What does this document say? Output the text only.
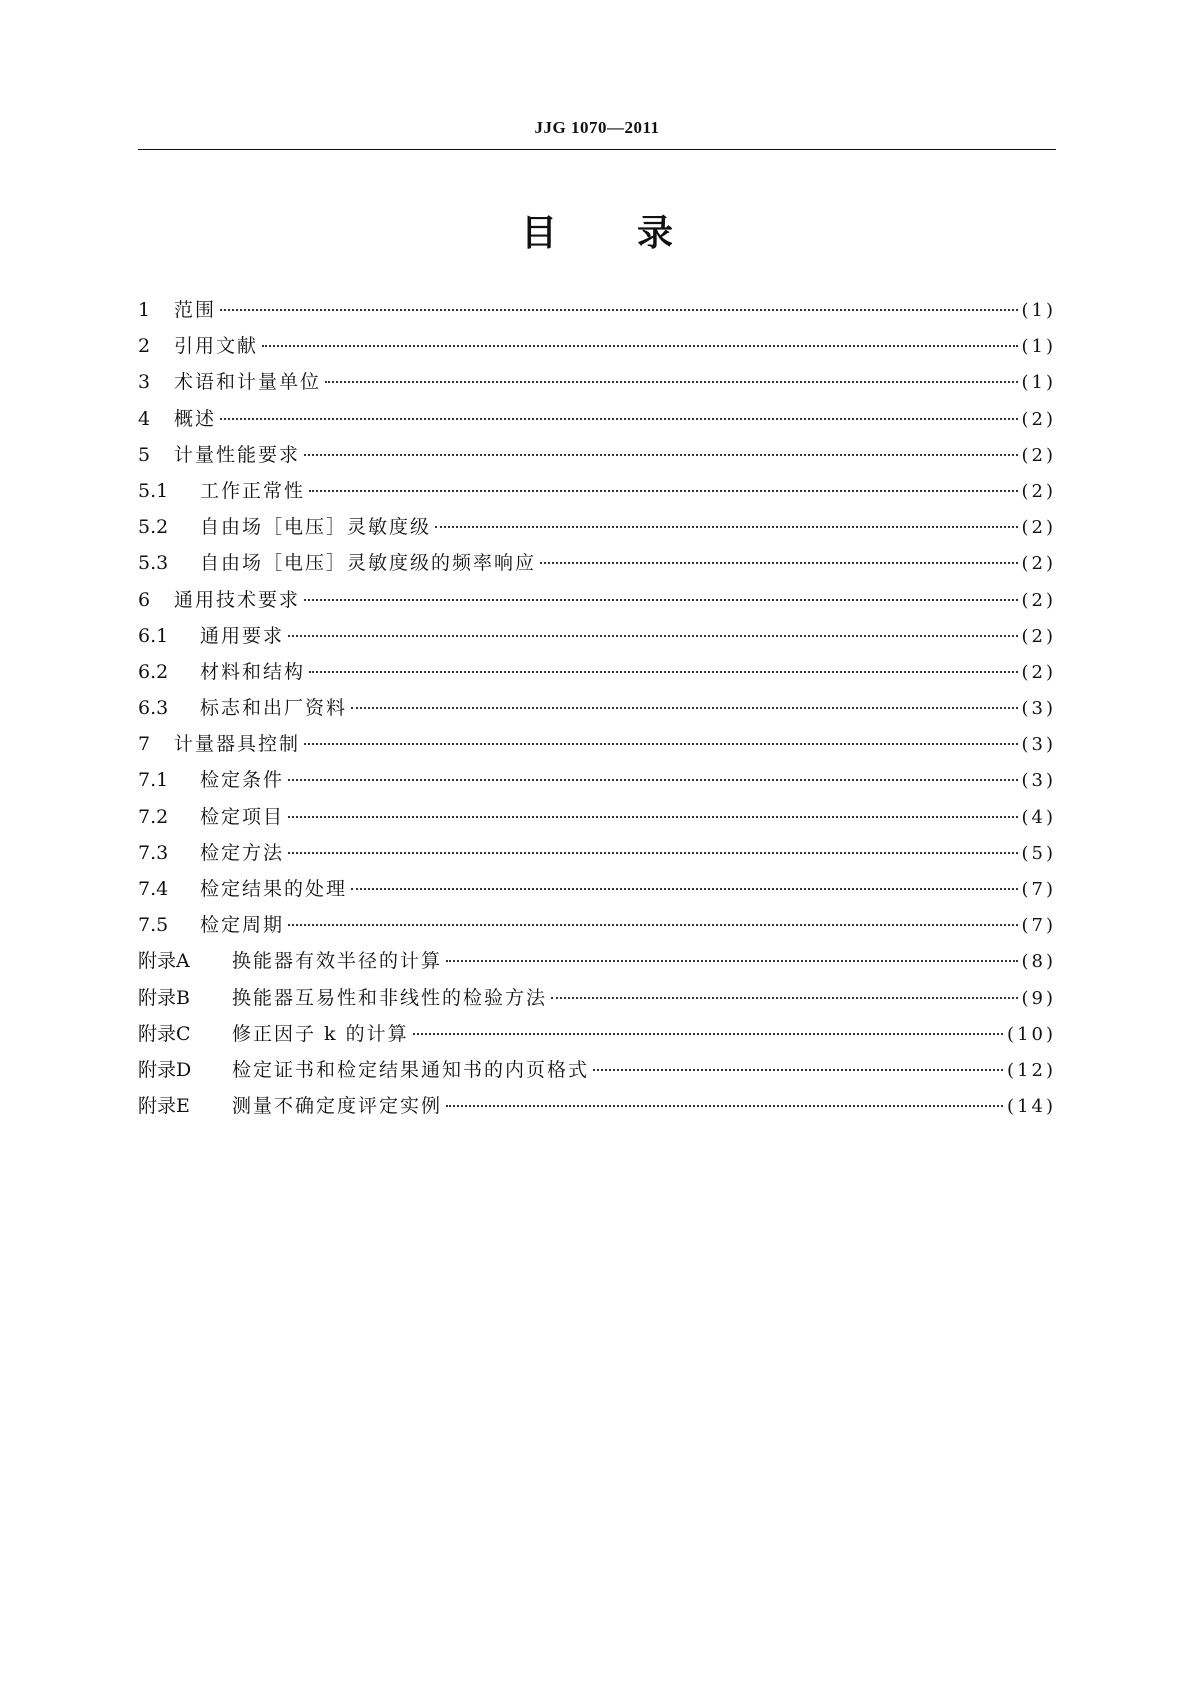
JJG 1070—2011
目 录
1	范围	(1)
2	引用文献	(1)
3	术语和计量单位	(1)
4	概述	(2)
5	计量性能要求	(2)
5.1	工作正常性	(2)
5.2	自由场［电压］灵敏度级	(2)
5.3	自由场［电压］灵敏度级的频率响应	(2)
6	通用技术要求	(2)
6.1	通用要求	(2)
6.2	材料和结构	(2)
6.3	标志和出厂资料	(3)
7	计量器具控制	(3)
7.1	检定条件	(3)
7.2	检定项目	(4)
7.3	检定方法	(5)
7.4	检定结果的处理	(7)
7.5	检定周期	(7)
附录A	换能器有效半径的计算	(8)
附录B	换能器互易性和非线性的检验方法	(9)
附录C	修正因子 k 的计算	(10)
附录D	检定证书和检定结果通知书的内页格式	(12)
附录E	测量不确定度评定实例	(14)
